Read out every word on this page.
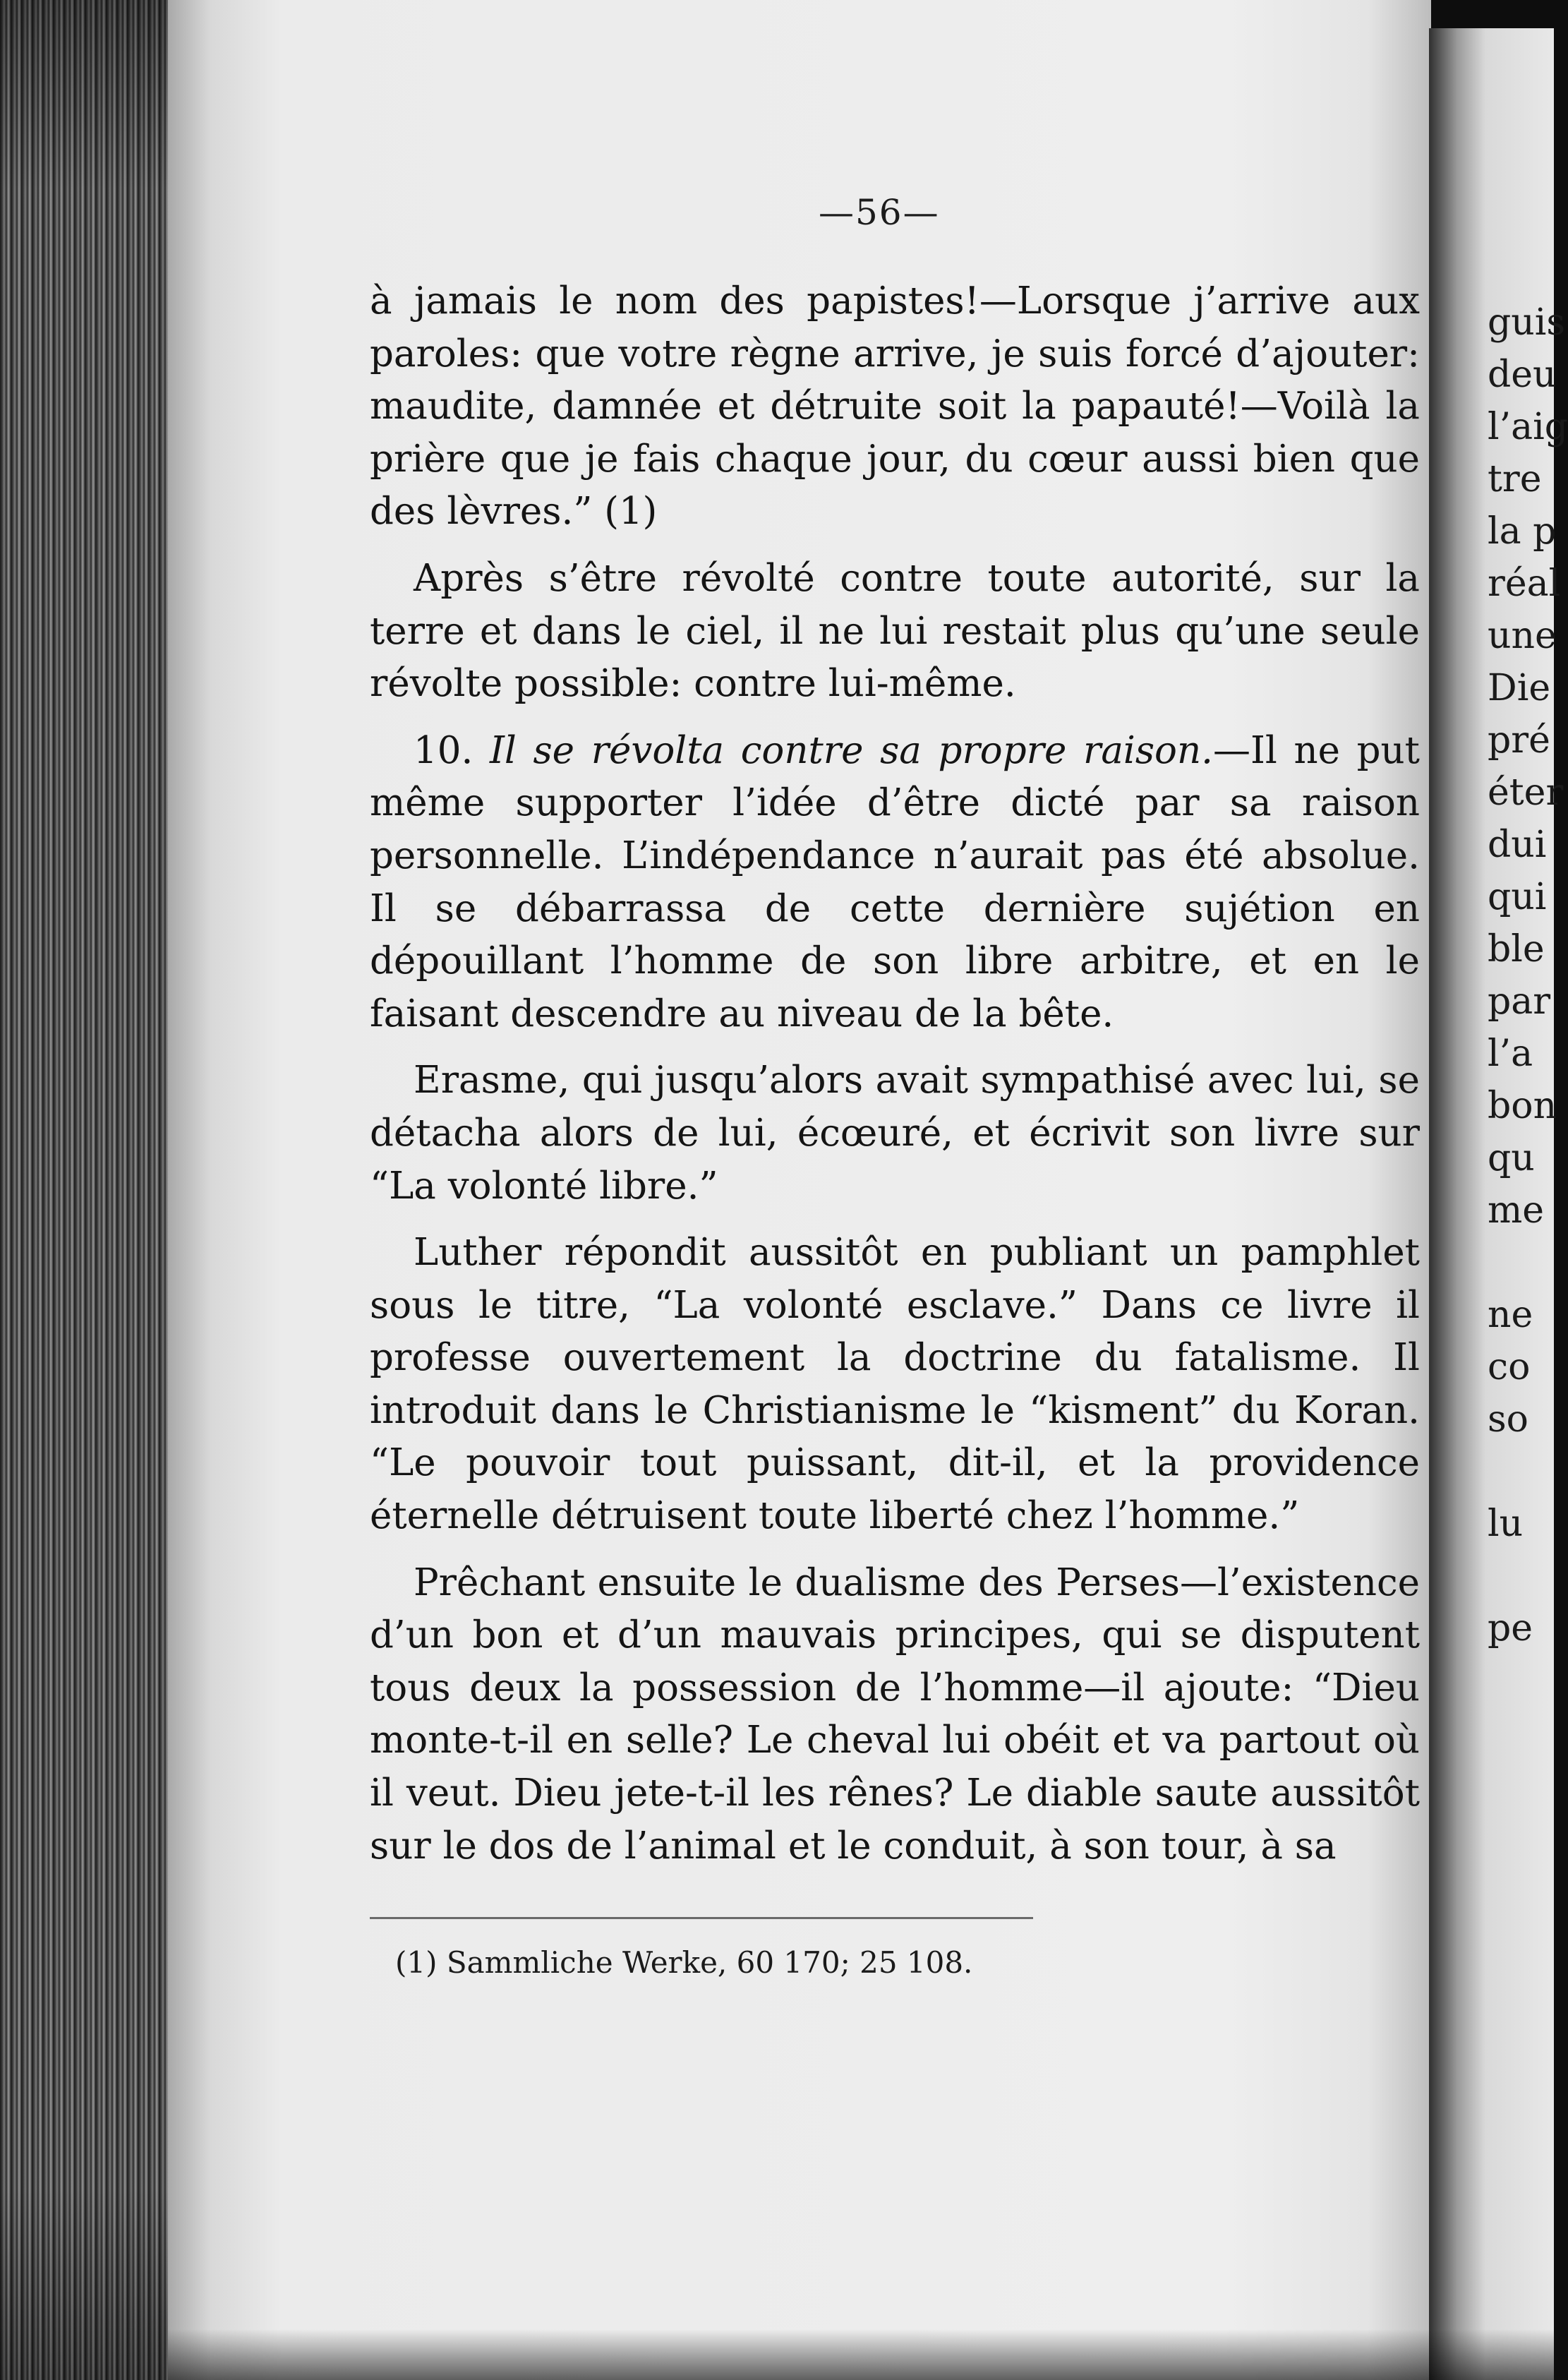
guis
deu
l’aig
tre
la p
réal
une
Die
pré
éter
dui
qui
ble
par
l’a
bon
qu
me

ne
co
so

lu

pe
—56—

à jamais le nom des papistes!—Lorsque j’arrive aux paroles: que votre règne arrive, je suis forcé d’ajouter: maudite, damnée et détruite soit la papauté!—Voilà la prière que je fais chaque jour, du cœur aussi bien que des lèvres.” (1)

Après s’être révolté contre toute autorité, sur la terre et dans le ciel, il ne lui restait plus qu’une seule révolte possible: contre lui-même.

10. Il se révolta contre sa propre raison.—Il ne put même supporter l’idée d’être dicté par sa raison personnelle. L’indépendance n’aurait pas été absolue. Il se débarrassa de cette dernière sujétion en dépouillant l’homme de son libre arbitre, et en le faisant descendre au niveau de la bête.

Erasme, qui jusqu’alors avait sympathisé avec lui, se détacha alors de lui, écœuré, et écrivit son livre sur “La volonté libre.”

Luther répondit aussitôt en publiant un pamphlet sous le titre, “La volonté esclave.” Dans ce livre il professe ouvertement la doctrine du fatalisme. Il introduit dans le Christianisme le “kisment” du Koran. “Le pouvoir tout puissant, dit-il, et la providence éternelle détruisent toute liberté chez l’homme.”

Prêchant ensuite le dualisme des Perses—l’existence d’un bon et d’un mauvais principes, qui se disputent tous deux la possession de l’homme—il ajoute: “Dieu monte-t-il en selle? Le cheval lui obéit et va partout où il veut. Dieu jete-t-il les rênes? Le diable saute aussitôt sur le dos de l’animal et le conduit, à son tour, à sa

(1) Sammliche Werke, 60 170; 25 108.
